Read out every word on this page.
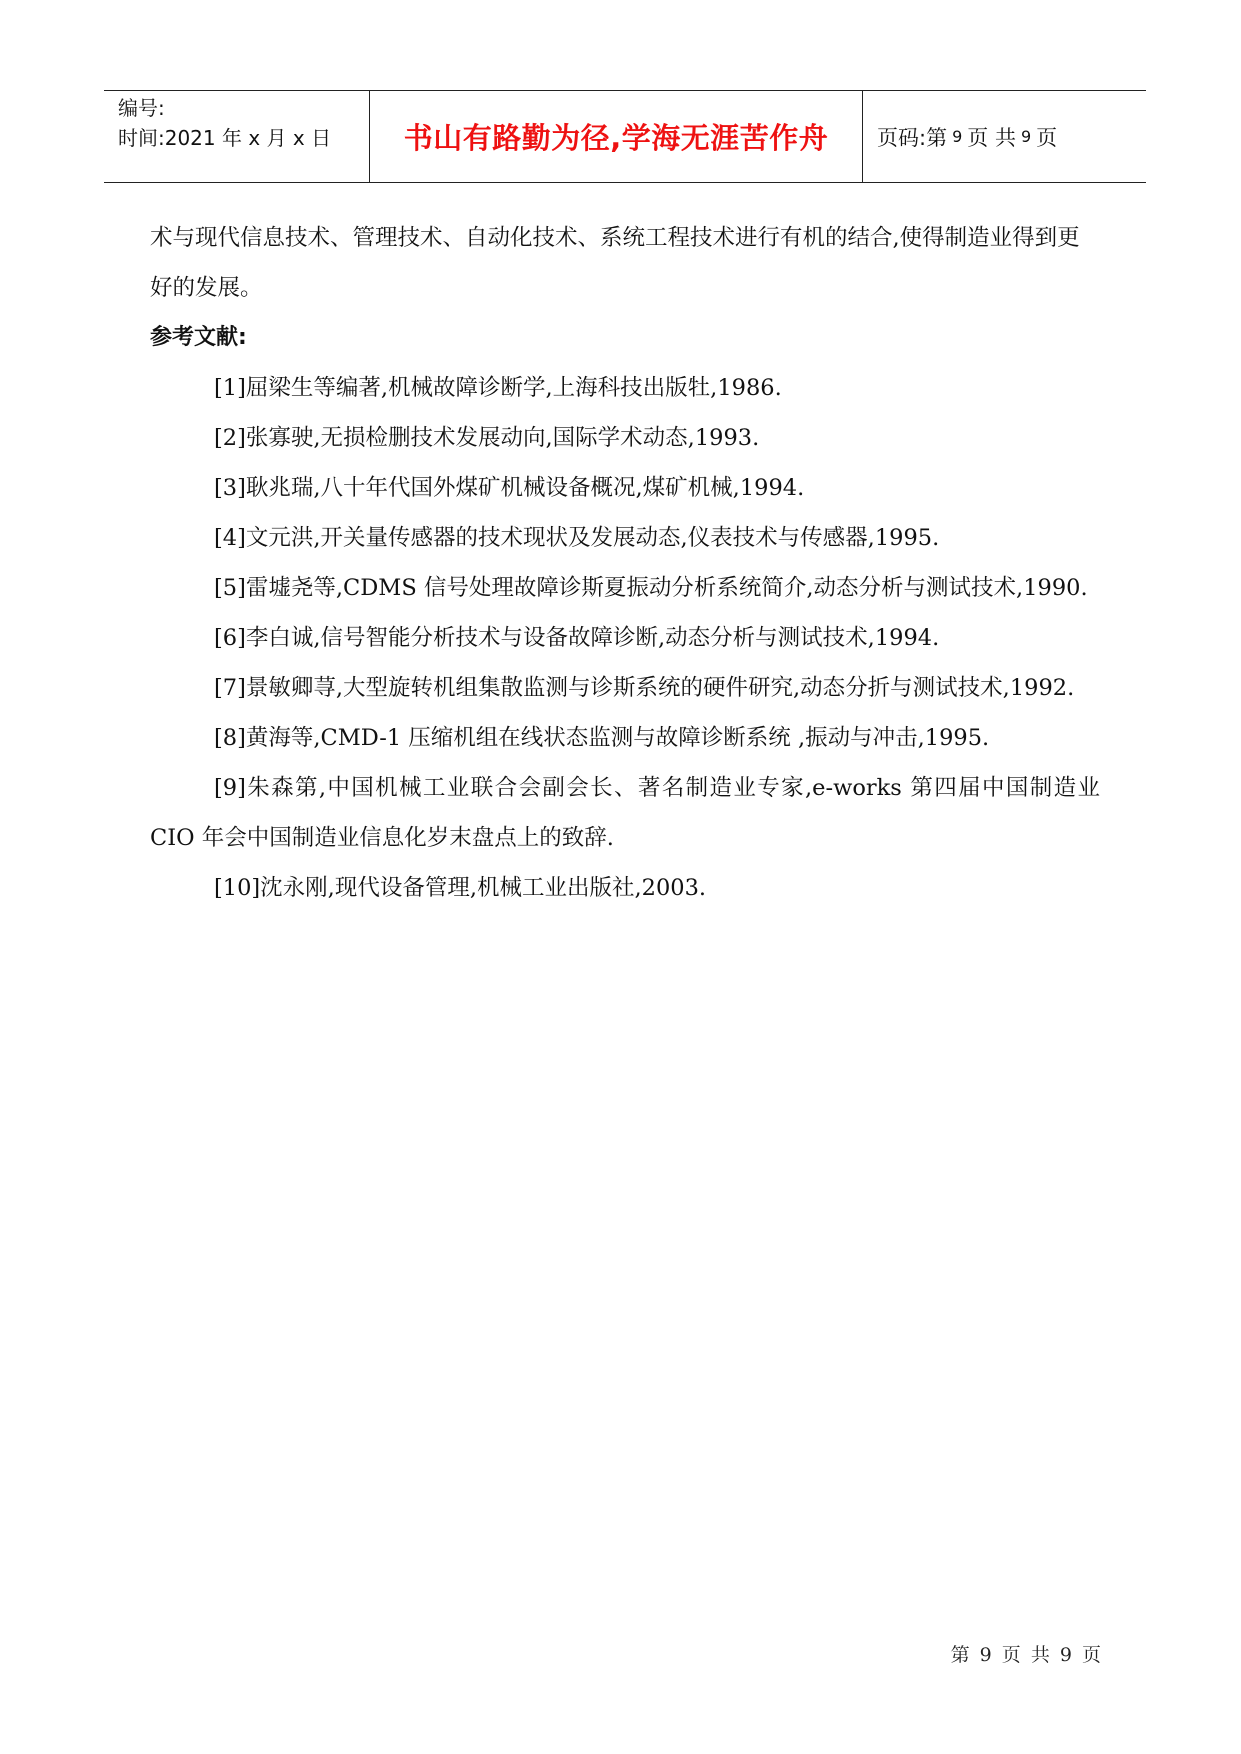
编号:
时间:2021 年 x 月 x 日	书山有路勤为径,学海无涯苦作舟	页码:第 9 页 共 9 页

术与现代信息技术、管理技术、自动化技术、系统工程技术进行有机的结合,使得制造业得到更好的发展。

参考文献:

[1]屈梁生等编著,机械故障诊断学,上海科技出版牡,1986.

[2]张寡驶,无损检删技术发展动向,国际学术动态,1993.

[3]耿兆瑞,八十年代国外煤矿机械设备概况,煤矿机械,1994.

[4]文元洪,开关量传感器的技术现状及发展动态,仪表技术与传感器,1995.

[5]雷墟尧等,CDMS 信号处理故障诊斯夏振动分析系统简介,动态分析与测试技术,1990.

[6]李白诚,信号智能分析技术与设备故障诊断,动态分析与测试技术,1994.

[7]景敏卿荨,大型旋转机组集散监测与诊斯系统的硬件研究,动态分折与测试技术,1992.

[8]黄海等,CMD-1 压缩机组在线状态监测与故障诊断系统 ,振动与冲击,1995.

[9]朱森第,中国机械工业联合会副会长、著名制造业专家,e-works 第四届中国制造业 CIO 年会中国制造业信息化岁末盘点上的致辞.

[10]沈永刚,现代设备管理,机械工业出版社,2003.

第 9 页 共 9 页
